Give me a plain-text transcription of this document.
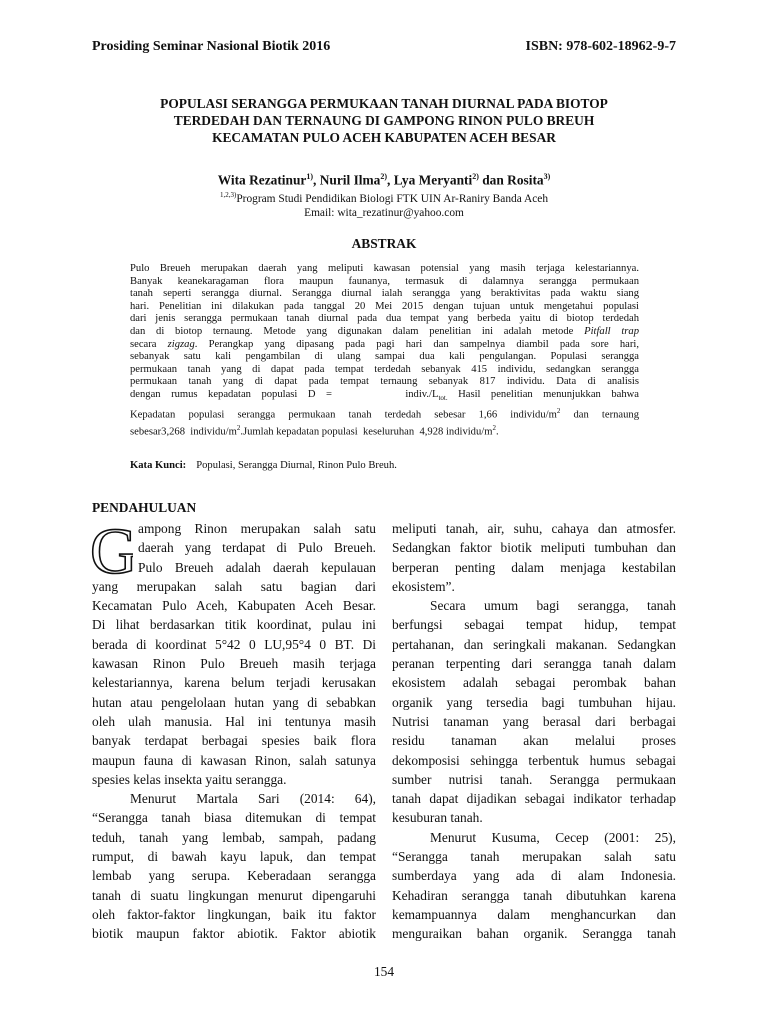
Prosiding Seminar Nasional Biotik 2016	ISBN: 978-602-18962-9-7
POPULASI SERANGGA PERMUKAAN TANAH DIURNAL PADA BIOTOP
TERDEDAH DAN TERNAUNG DI GAMPONG RINON PULO BREUH
KECAMATAN PULO ACEH KABUPATEN ACEH BESAR
Wita Rezatinur$^{1)}$, Nuril Ilma$^{2)}$, Lya Meryanti$^{2)}$ dan Rosita$^{3)}$
$^{1,2,3)}$Program Studi Pendidikan Biologi FTK UIN Ar-Raniry Banda Aceh
Email: wita_rezatinur@yahoo.com
ABSTRAK
Pulo Breueh merupakan daerah yang meliputi kawasan potensial yang masih terjaga kelestariannya.
Banyak keanekaragaman flora maupun faunanya, termasuk di dalamnya serangga permukaan
tanah seperti serangga diurnal. Serangga diurnal ialah serangga yang beraktivitas pada waktu siang
hari. Penelitian ini dilakukan pada tanggal 20 Mei 2015 dengan tujuan untuk mengetahui populasi
dari jenis serangga permukaan tanah diurnal pada dua tempat yang berbeda yaitu di biotop terdedah
dan di biotop ternaung. Metode yang digunakan dalam penelitian ini adalah metode Pitfall trap
secara zigzag. Perangkap yang dipasang pada pagi hari dan sampelnya diambil pada sore hari,
sebanyak satu kali pengambilan di ulang sampai dua kali pengulangan. Populasi serangga
permukaan tanah yang di dapat pada tempat terdedah sebanyak 415 individu, sedangkan serangga
permukaan tanah yang di dapat pada tempat ternaung sebanyak 817 individu. Data di analisis
dengan rumus kepadatan populasi D =       $indiv./L_{tot.}$ Hasil penelitian menunjukkan bahwa
Kepadatan populasi serangga permukaan tanah terdedah sebesar 1,66 individu/$m^2$ dan ternaung
sebesar3,268  individu/$m^2.Jumlah$ kepadatan populasi  keseluruhan  4,928 individu/$m^2$.
Kata Kunci: Populasi, Serangga Diurnal, Rinon Pulo Breuh.
PENDAHULUAN
G ampong Rinon merupakan salah satu
daerah yang terdapat di Pulo Breueh.
Pulo Breueh adalah daerah kepulauan
yang merupakan salah satu bagian dari
Kecamatan Pulo Aceh, Kabupaten Aceh Besar.
Di lihat berdasarkan titik koordinat, pulau ini
berada di koordinat 5°42 0 LU,95°4 0 BT. Di
kawasan Rinon Pulo Breueh masih terjaga
kelestariannya, karena belum terjadi kerusakan
hutan atau pengelolaan hutan yang di sebabkan
oleh ulah manusia. Hal ini tentunya masih
banyak terdapat berbagai spesies baik flora
maupun fauna di kawasan Rinon, salah satunya
spesies kelas insekta yaitu serangga.
Menurut Martala Sari (2014: 64),
“Serangga tanah biasa ditemukan di tempat
teduh, tanah yang lembab, sampah, padang
rumput, di bawah kayu lapuk, dan tempat
lembab yang serupa. Keberadaan serangga
tanah di suatu lingkungan menurut dipengaruhi
oleh faktor-faktor lingkungan, baik itu faktor
biotik maupun faktor abiotik. Faktor abiotik
meliputi tanah, air, suhu, cahaya dan atmosfer.
Sedangkan faktor biotik meliputi tumbuhan dan
berperan penting dalam menjaga kestabilan
ekosistem”.
Secara umum bagi serangga, tanah
berfungsi sebagai tempat hidup, tempat
pertahanan, dan seringkali makanan. Sedangkan
peranan terpenting dari serangga tanah dalam
ekosistem adalah sebagai perombak bahan
organik yang tersedia bagi tumbuhan hijau.
Nutrisi tanaman yang berasal dari berbagai
residu tanaman akan melalui proses
dekomposisi sehingga terbentuk humus sebagai
sumber nutrisi tanah. Serangga permukaan
tanah dapat dijadikan sebagai indikator terhadap
kesuburan tanah.
Menurut Kusuma, Cecep (2001: 25),
“Serangga tanah merupakan salah satu
sumberdaya yang ada di alam Indonesia.
Kehadiran serangga tanah dibutuhkan karena
kemampuannya dalam menghancurkan dan
menguraikan bahan organik. Serangga tanah
154
